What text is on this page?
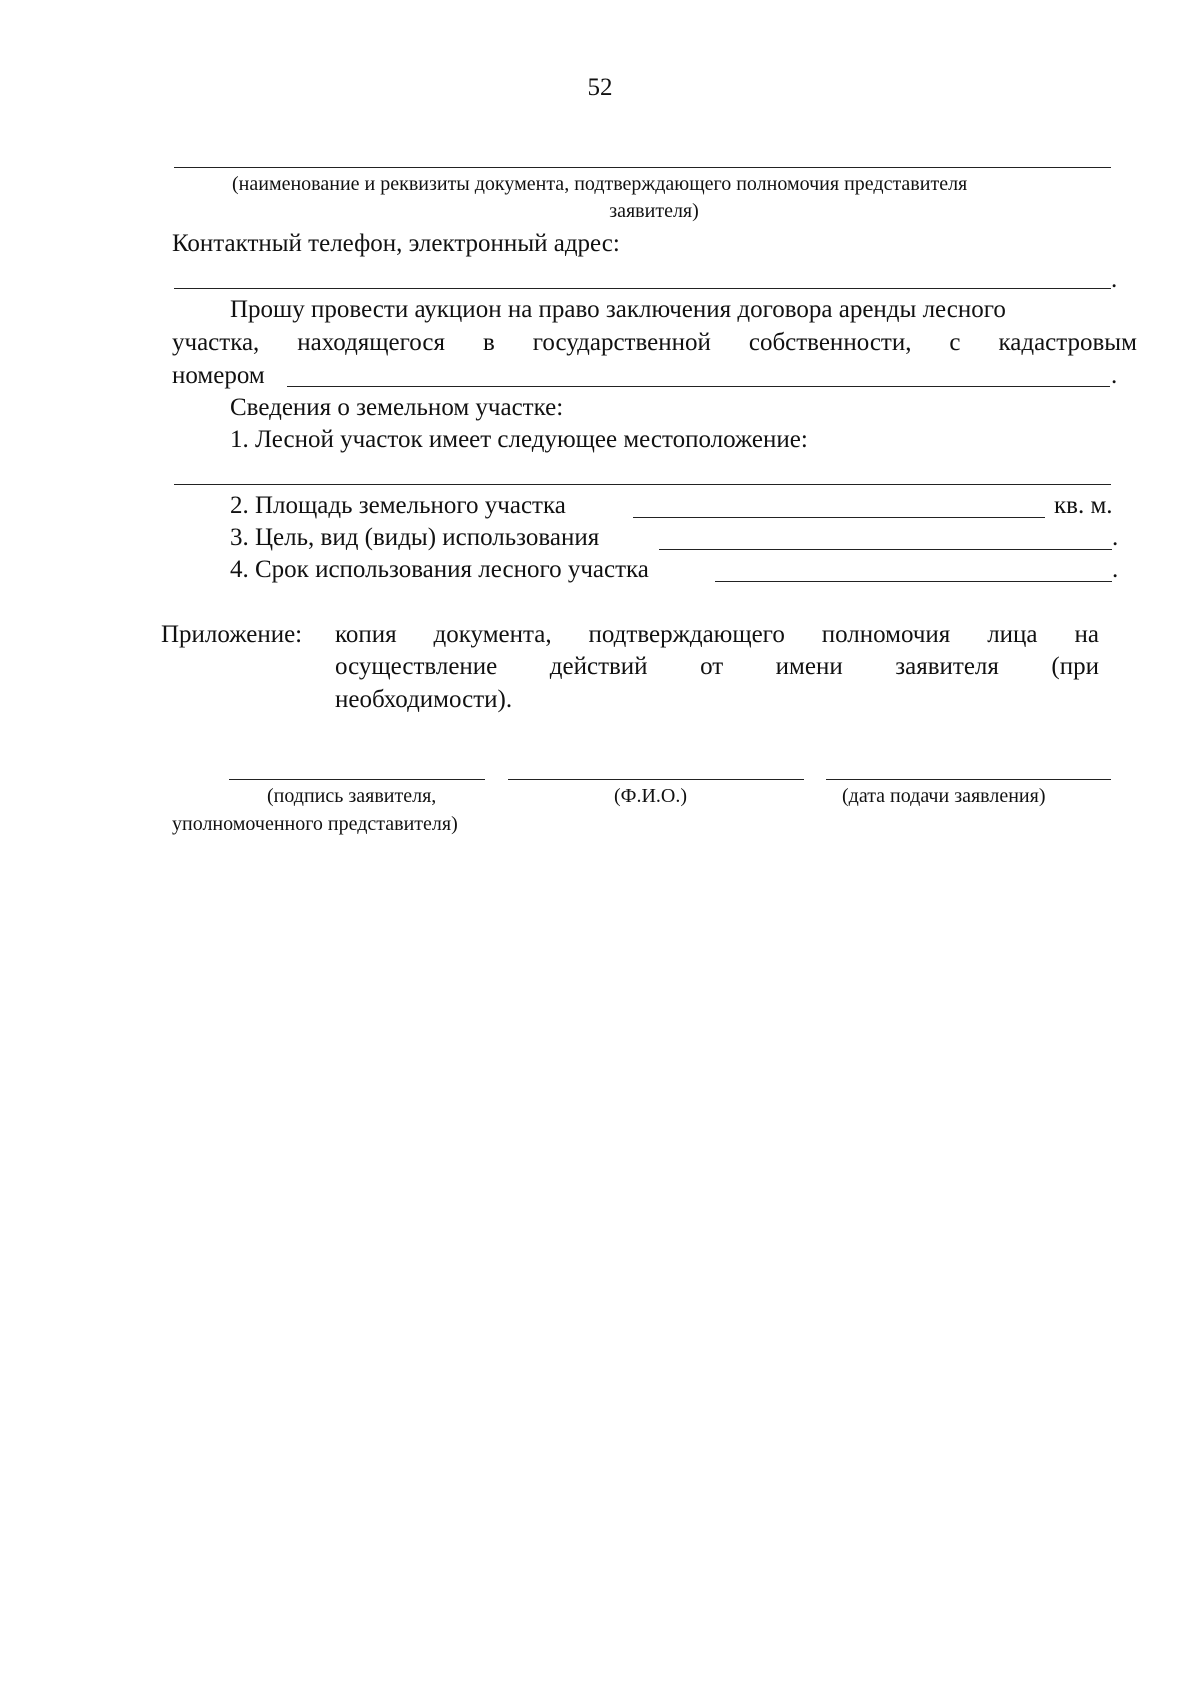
52
(наименование и реквизиты документа, подтверждающего полномочия представителя
заявителя)
Контактный телефон, электронный адрес:
.
Прошу провести аукцион на право заключения договора аренды лесного
участка, находящегося в государственной собственности, с кадастровым
номером	.
Сведения о земельном участке:
1. Лесной участок имеет следующее местоположение:
2. Площадь земельного участка	кв. м.
3. Цель, вид (виды) использования	.
4. Срок использования лесного участка	.
Приложение: копия документа, подтверждающего полномочия лица на
осуществление действий от имени заявителя (при
необходимости).
(подпись заявителя,	(Ф.И.О.)	(дата подачи заявления)
уполномоченного представителя)
